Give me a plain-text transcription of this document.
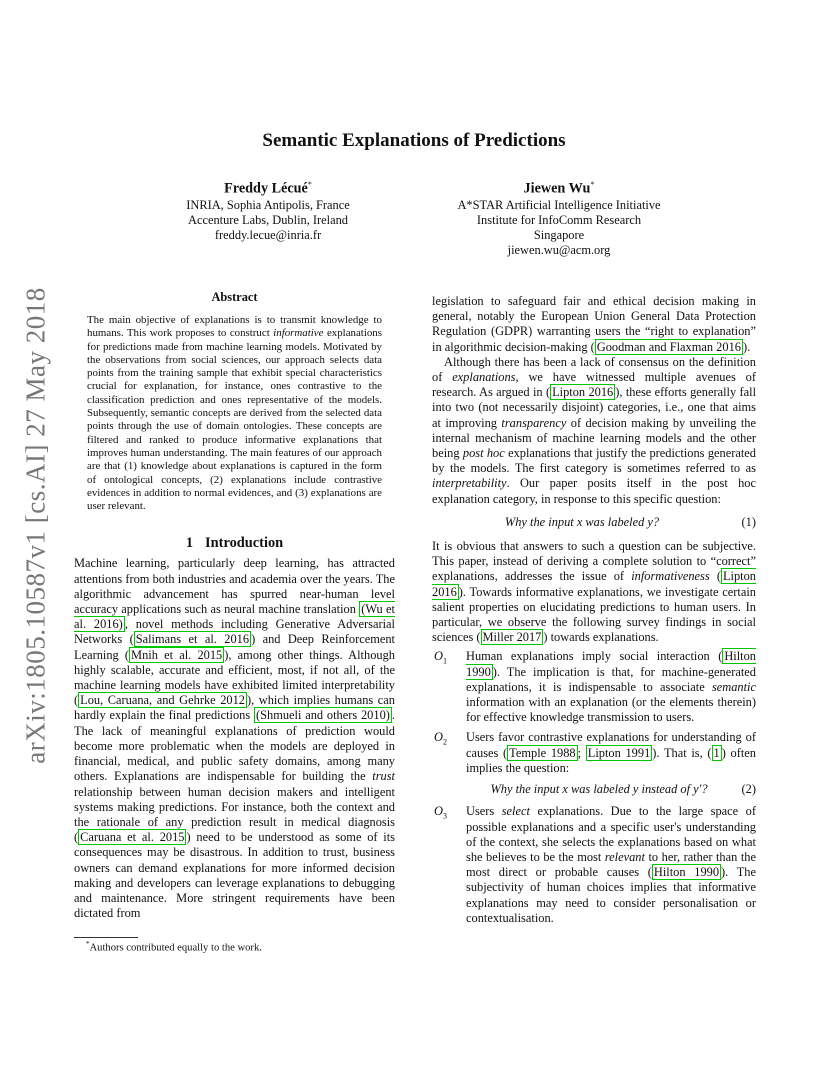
arXiv:1805.10587v1 [cs.AI] 27 May 2018
Semantic Explanations of Predictions
Freddy Lécué*
INRIA, Sophia Antipolis, France
Accenture Labs, Dublin, Ireland
freddy.lecue@inria.fr
Jiewen Wu*
A*STAR Artificial Intelligence Initiative
Institute for InfoComm Research
Singapore
jiewen.wu@acm.org
Abstract

The main objective of explanations is to transmit knowledge to humans. This work proposes to construct informative explanations for predictions made from machine learning models. Motivated by the observations from social sciences, our approach selects data points from the training sample that exhibit special characteristics crucial for explanation, for instance, ones contrastive to the classification prediction and ones representative of the models. Subsequently, semantic concepts are derived from the selected data points through the use of domain ontologies. These concepts are filtered and ranked to produce informative explanations that improves human understanding. The main features of our approach are that (1) knowledge about explanations is captured in the form of ontological concepts, (2) explanations include contrastive evidences in addition to normal evidences, and (3) explanations are user relevant.

1 Introduction

Machine learning, particularly deep learning, has attracted attentions from both industries and academia over the years. The algorithmic advancement has spurred near-human level accuracy applications such as neural machine translation (Wu et al. 2016) , novel methods including Generative Adversarial Networks ( Salimans et al. 2016 ) and Deep Reinforcement Learning ( Mnih et al. 2015 ), among other things. Although highly scalable, accurate and efficient, most, if not all, of the machine learning models have exhibited limited interpretability ( Lou, Caruana, and Gehrke 2012 ), which implies humans can hardly explain the final predictions (Shmueli and others 2010) . The lack of meaningful explanations of prediction would become more problematic when the models are deployed in financial, medical, and public safety domains, among many others. Explanations are indispensable for building the trust relationship between human decision makers and intelligent systems making predictions. For instance, both the context and the rationale of any prediction result in medical diagnosis ( Caruana et al. 2015 ) need to be understood as some of its consequences may be disastrous. In addition to trust, business owners can demand explanations for more informed decision making and developers can leverage explanations to debugging and maintenance. More stringent requirements have been dictated from

*Authors contributed equally to the work.

legislation to safeguard fair and ethical decision making in general, notably the European Union General Data Protection Regulation (GDPR) warranting users the “right to explanation” in algorithmic decision-making ( Goodman and Flaxman 2016 ).

Although there has been a lack of consensus on the definition of explanations, we have witnessed multiple avenues of research. As argued in ( Lipton 2016 ), these efforts generally fall into two (not necessarily disjoint) categories, i.e., one that aims at improving transparency of decision making by unveiling the internal mechanism of machine learning models and the other being post hoc explanations that justify the predictions generated by the models. The first category is sometimes referred to as interpretability. Our paper posits itself in the post hoc explanation category, in response to this specific question:

Why the input x was labeled y?	(1)

It is obvious that answers to such a question can be subjective. This paper, instead of deriving a complete solution to “correct” explanations, addresses the issue of informativeness ( Lipton 2016 ). Towards informative explanations, we investigate certain salient properties on elucidating predictions to human users. In particular, we observe the following survey findings in social sciences ( Miller 2017 ) towards explanations.

$O_1$	Human explanations imply social interaction ( Hilton 1990 ). The implication is that, for machine-generated explanations, it is indispensable to associate semantic information with an explanation (or the elements therein) for effective knowledge transmission to users.
$O_2$	Users favor contrastive explanations for understanding of causes ( Temple 1988 ; Lipton 1991 ). That is, ( 1 ) often implies the question:
Why the input x was labeled y instead of y′?	(2)
$O_3$	Users select explanations. Due to the large space of possible explanations and a specific user's understanding of the context, she selects the explanations based on what she believes to be the most relevant to her, rather than the most direct or probable causes ( Hilton 1990 ). The subjectivity of human choices implies that informative explanations may need to consider personalisation or contextualisation.
